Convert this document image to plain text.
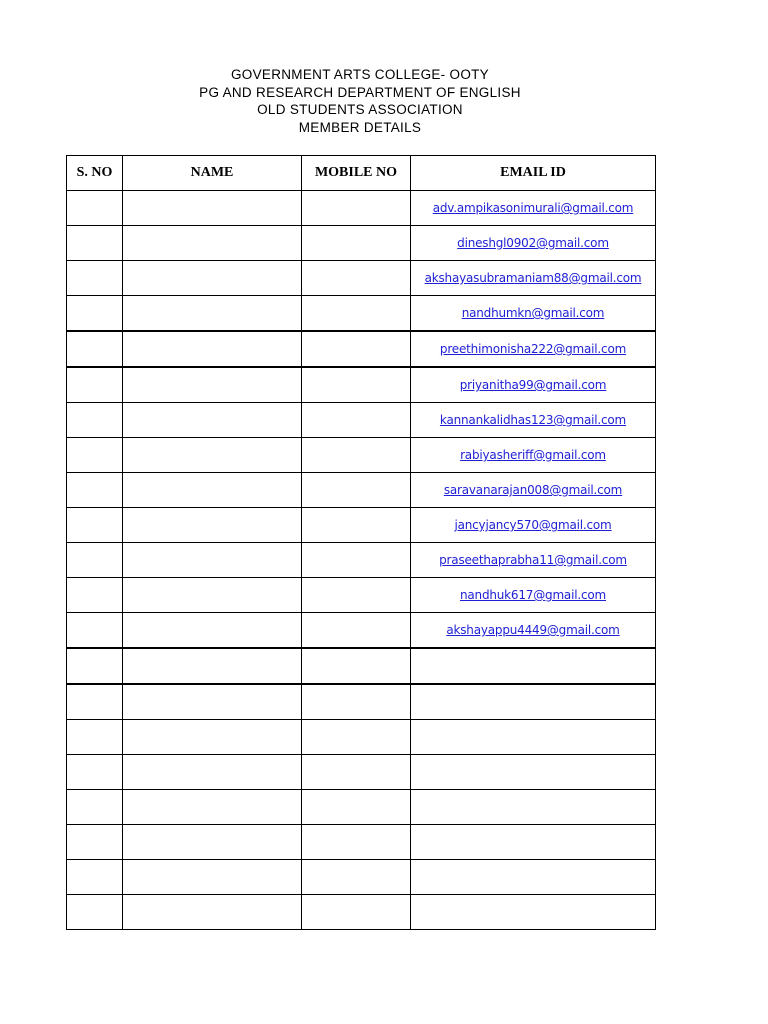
GOVERNMENT ARTS COLLEGE- OOTY
PG AND RESEARCH DEPARTMENT OF ENGLISH
OLD STUDENTS ASSOCIATION
MEMBER DETAILS
S. NO	NAME	MOBILE NO	EMAIL ID
			adv.ampikasonimurali@gmail.com
			dineshgl0902@gmail.com
			akshayasubramaniam88@gmail.com
			nandhumkn@gmail.com
			preethimonisha222@gmail.com
			priyanitha99@gmail.com
			kannankalidhas123@gmail.com
			rabiyasheriff@gmail.com
			saravanarajan008@gmail.com
			jancyjancy570@gmail.com
			praseethaprabha11@gmail.com
			nandhuk617@gmail.com
			akshayappu4449@gmail.com
